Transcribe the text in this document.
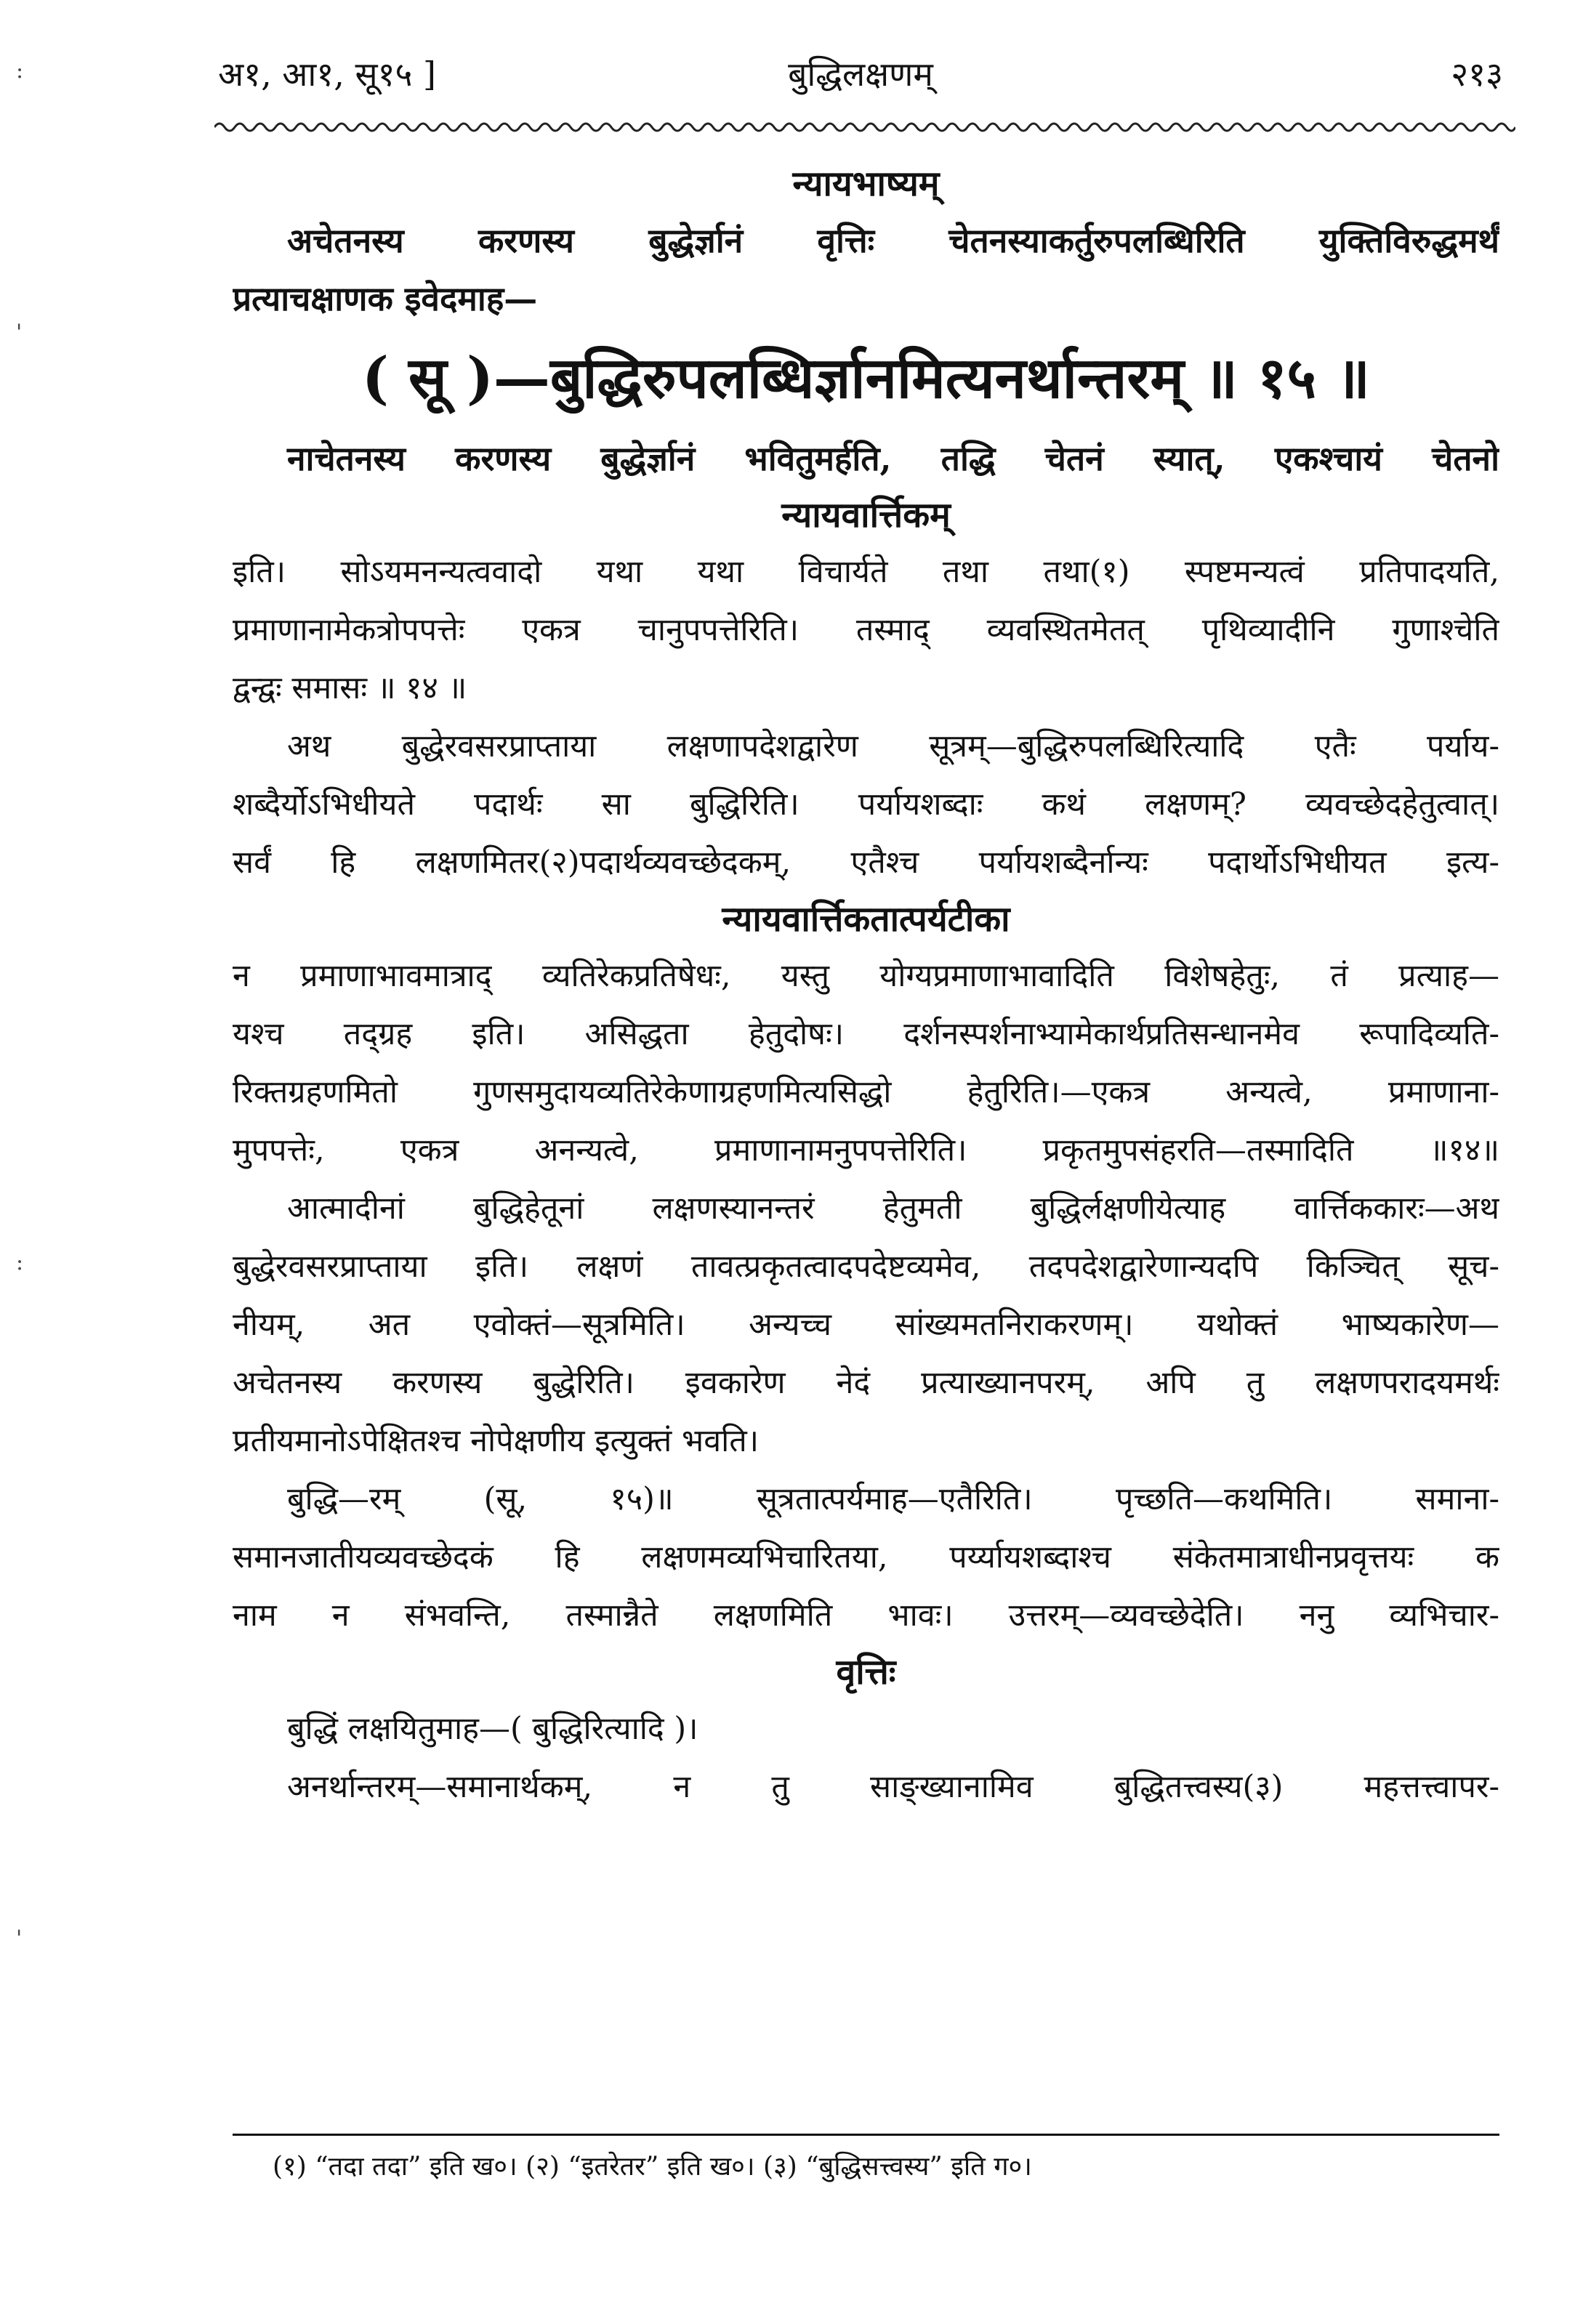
:
'
:
'
अ१, आ१, सू१५ ]	बुद्धिलक्षणम्	२१३
न्यायभाष्यम्
अचेतनस्य करणस्य बुद्धेर्ज्ञानं वृत्तिः चेतनस्याकर्तुरुपलब्धिरिति युक्तिविरुद्धमर्थं
प्रत्याचक्षाणक इवेदमाह—
( सू )—बुद्धिरुपलब्धिर्ज्ञानमित्यनर्थान्तरम् ॥ १५ ॥
नाचेतनस्य करणस्य बुद्धेर्ज्ञानं भवितुमर्हति, तद्धि चेतनं स्यात्, एकश्चायं चेतनो
न्यायवार्त्तिकम्
इति। सोऽयमनन्यत्ववादो यथा यथा विचार्यते तथा तथा(१) स्पष्टमन्यत्वं प्रतिपादयति,
प्रमाणानामेकत्रोपपत्तेः एकत्र चानुपपत्तेरिति। तस्माद् व्यवस्थितमेतत् पृथिव्यादीनि गुणाश्चेति
द्वन्द्वः समासः ॥ १४ ॥
अथ बुद्धेरवसरप्राप्ताया लक्षणापदेशद्वारेण सूत्रम्—बुद्धिरुपलब्धिरित्यादि एतैः पर्याय-
शब्दैर्योऽभिधीयते पदार्थः सा बुद्धिरिति। पर्यायशब्दाः कथं लक्षणम्? व्यवच्छेदहेतुत्वात्।
सर्वं हि लक्षणमितर(२)पदार्थव्यवच्छेदकम्, एतैश्च पर्यायशब्दैर्नान्यः पदार्थोऽभिधीयत इत्य-
न्यायवार्त्तिकतात्पर्यटीका
न प्रमाणाभावमात्राद् व्यतिरेकप्रतिषेधः, यस्तु योग्यप्रमाणाभावादिति विशेषहेतुः, तं प्रत्याह—
यश्च तद्ग्रह इति। असिद्धता हेतुदोषः। दर्शनस्पर्शनाभ्यामेकार्थप्रतिसन्धानमेव रूपादिव्यति-
रिक्तग्रहणमितो गुणसमुदायव्यतिरेकेणाग्रहणमित्यसिद्धो हेतुरिति।—एकत्र अन्यत्वे, प्रमाणाना-
मुपपत्तेः, एकत्र अनन्यत्वे, प्रमाणानामनुपपत्तेरिति। प्रकृतमुपसंहरति—तस्मादिति ॥१४॥
आत्मादीनां बुद्धिहेतूनां लक्षणस्यानन्तरं हेतुमती बुद्धिर्लक्षणीयेत्याह वार्त्तिककारः—अथ
बुद्धेरवसरप्राप्ताया इति। लक्षणं तावत्प्रकृतत्वादपदेष्टव्यमेव, तदपदेशद्वारेणान्यदपि किञ्चित् सूच-
नीयम्, अत एवोक्तं—सूत्रमिति। अन्यच्च सांख्यमतनिराकरणम्। यथोक्तं भाष्यकारेण—
अचेतनस्य करणस्य बुद्धेरिति। इवकारेण नेदं प्रत्याख्यानपरम्, अपि तु लक्षणपरादयमर्थः
प्रतीयमानोऽपेक्षितश्च नोपेक्षणीय इत्युक्तं भवति।
बुद्धि—रम् (सू, १५)॥ सूत्रतात्पर्यमाह—एतैरिति। पृच्छति—कथमिति। समाना-
समानजातीयव्यवच्छेदकं हि लक्षणमव्यभिचारितया, पर्य्यायशब्दाश्च संकेतमात्राधीनप्रवृत्तयः क
नाम न संभवन्ति, तस्मान्नैते लक्षणमिति भावः। उत्तरम्—व्यवच्छेदेति। ननु व्यभिचार-
वृत्तिः
बुद्धिं लक्षयितुमाह—( बुद्धिरित्यादि )।
अनर्थान्तरम्—समानार्थकम्, न तु साङ्ख्यानामिव बुद्धितत्त्वस्य(३) महत्तत्त्वापर-
(१) “तदा तदा” इति ख०। (२) “इतरेतर” इति ख०। (३) “बुद्धिसत्त्वस्य” इति ग०।
